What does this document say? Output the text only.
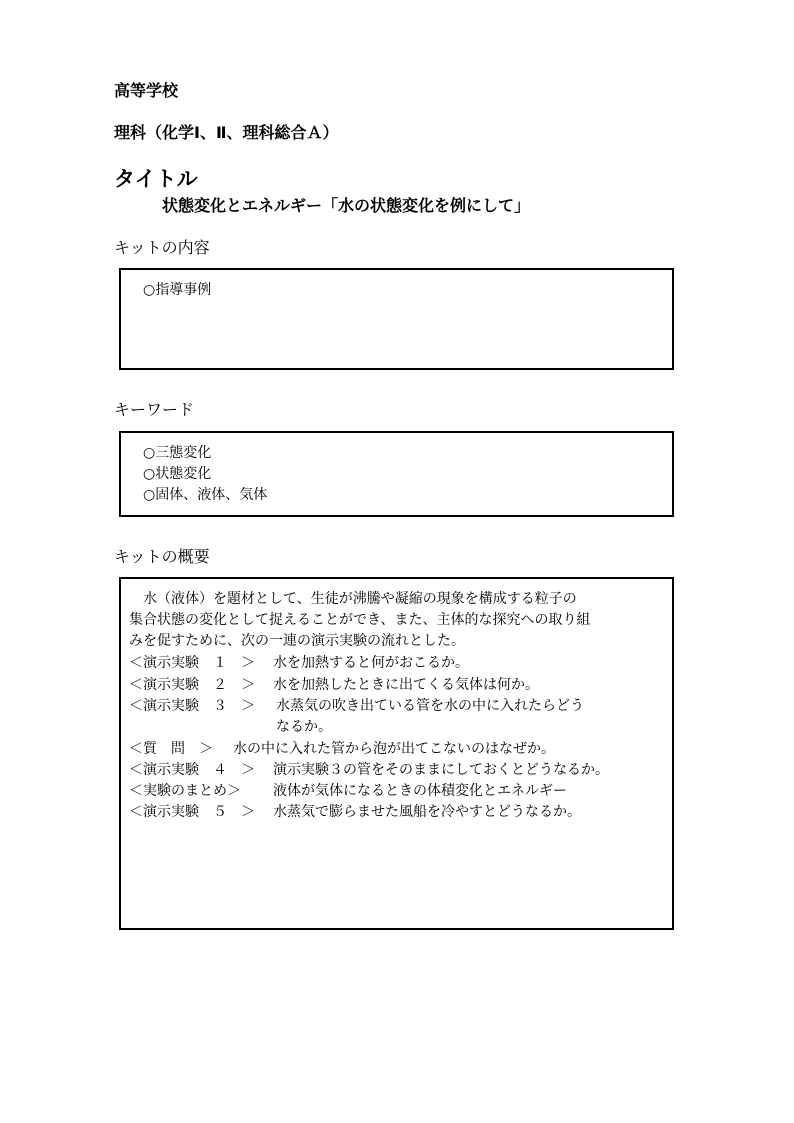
高等学校
理科（化学Ⅰ、Ⅱ、理科総合Ａ）
タイトル
状態変化とエネルギー「水の状態変化を例にして」
キットの内容
○指導事例
キーワード
○三態変化
○状態変化
○固体、液体、気体
キットの概要
　水（液体）を題材として、生徒が沸騰や凝縮の現象を構成する粒子の
集合状態の変化として捉えることができ、また、主体的な探究への取り組
みを促すために、次の一連の演示実験の流れとした。
＜演示実験　１　＞ 水を加熱すると何がおこるか。
＜演示実験　２　＞ 水を加熱したときに出てくる気体は何か。
＜演示実験　３　＞ 水蒸気の吹き出ている管を水の中に入れたらどう
なるか。
＜質　問　＞ 水の中に入れた管から泡が出てこないのはなぜか。
＜演示実験　４　＞ 演示実験３の管をそのままにしておくとどうなるか。
＜実験のまとめ＞ 液体が気体になるときの体積変化とエネルギー
＜演示実験　５　＞ 水蒸気で膨らませた風船を冷やすとどうなるか。
